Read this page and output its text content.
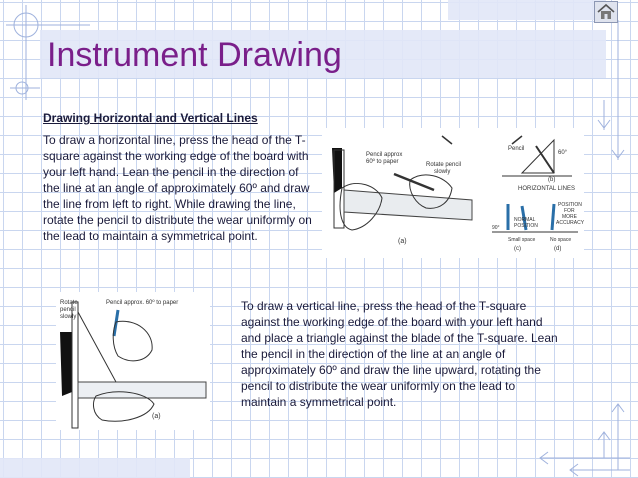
Instrument Drawing
Drawing Horizontal and Vertical Lines
To draw a horizontal line, press the head of the T-square against the working edge of the board with your left hand. Lean the pencil in the direction of the line at an angle of approximately 60º and draw the line from left to right. While drawing the line, rotate the pencil to distribute the wear uniformly on the lead to maintain a symmetrical point.
Pencil approx
60º to paper	Rotate pencil
slowly
(a)
Pencil
60°
(b)
HORIZONTAL LINES
POSITION
FOR
MORE
ACCURACY
NORMAL
POSITION
90°
Small space	No space
(c)	(d)
Rotate
pencil
slowly
Pencil approx. 60º to paper
(a)
To draw a vertical line, press the head of the T-square against the working edge of the board with your left hand and place a triangle against the blade of the T-square. Lean the pencil in the direction of the line at an angle of approximately 60º and draw the line upward, rotating the pencil to distribute the wear uniformly on the lead to maintain a symmetrical point.
